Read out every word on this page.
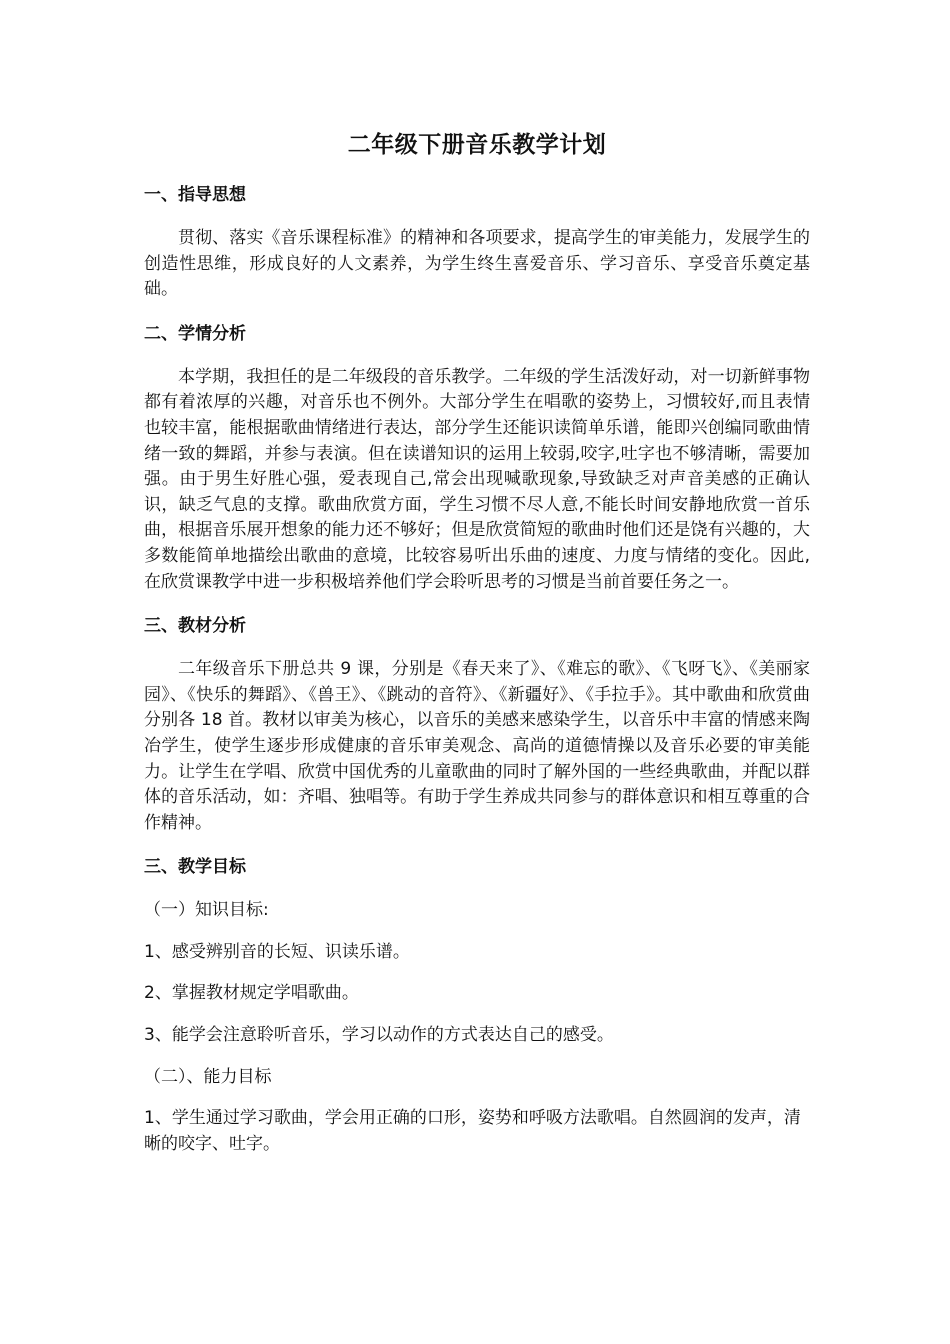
二年级下册音乐教学计划
一、指导思想
贯彻、落实《音乐课程标准》的精神和各项要求，提高学生的审美能力，发展学生的创造性思维，形成良好的人文素养，为学生终生喜爱音乐、学习音乐、享受音乐奠定基础。
二、学情分析
本学期，我担任的是二年级段的音乐教学。二年级的学生活泼好动，对一切新鲜事物都有着浓厚的兴趣，对音乐也不例外。大部分学生在唱歌的姿势上，习惯较好,而且表情也较丰富，能根据歌曲情绪进行表达，部分学生还能识读简单乐谱，能即兴创编同歌曲情绪一致的舞蹈，并参与表演。但在读谱知识的运用上较弱,咬字,吐字也不够清晰，需要加强。由于男生好胜心强，爱表现自己,常会出现喊歌现象,导致缺乏对声音美感的正确认识，缺乏气息的支撑。歌曲欣赏方面，学生习惯不尽人意,不能长时间安静地欣赏一首乐曲，根据音乐展开想象的能力还不够好；但是欣赏简短的歌曲时他们还是饶有兴趣的，大多数能简单地描绘出歌曲的意境，比较容易听出乐曲的速度、力度与情绪的变化。因此,在欣赏课教学中进一步积极培养他们学会聆听思考的习惯是当前首要任务之一。
三、教材分析
二年级音乐下册总共 9 课，分别是《春天来了》、《难忘的歌》、《飞呀飞》、《美丽家园》、《快乐的舞蹈》、《兽王》、《跳动的音符》、《新疆好》、《手拉手》。其中歌曲和欣赏曲分别各 18 首。教材以审美为核心，以音乐的美感来感染学生，以音乐中丰富的情感来陶冶学生，使学生逐步形成健康的音乐审美观念、高尚的道德情操以及音乐必要的审美能力。让学生在学唱、欣赏中国优秀的儿童歌曲的同时了解外国的一些经典歌曲，并配以群体的音乐活动，如：齐唱、独唱等。有助于学生养成共同参与的群体意识和相互尊重的合作精神。
三、教学目标
（一）知识目标:
1、感受辨别音的长短、识读乐谱。
2、掌握教材规定学唱歌曲。
3、能学会注意聆听音乐，学习以动作的方式表达自己的感受。
（二）、能力目标
1、学生通过学习歌曲，学会用正确的口形，姿势和呼吸方法歌唱。自然圆润的发声，清晰的咬字、吐字。
